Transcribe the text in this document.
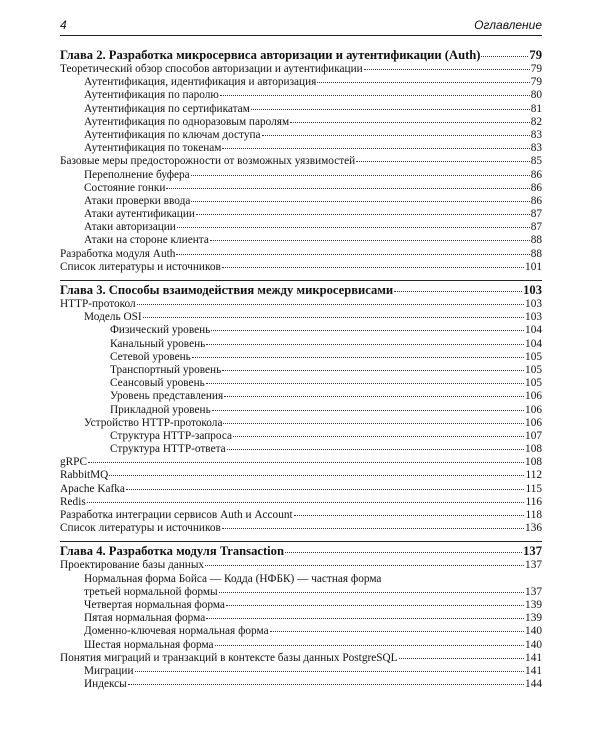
4	Оглавление
Глава 2. Разработка микросервиса авторизации и аутентификации (Auth)	79
Теоретический обзор способов авторизации и аутентификации	79
Аутентификация, идентификация и авторизация	79
Аутентификация по паролю	80
Аутентификация по сертификатам	81
Аутентификация по одноразовым паролям	82
Аутентификация по ключам доступа	83
Аутентификация по токенам	83
Базовые меры предосторожности от возможных уязвимостей	85
Переполнение буфера	86
Состояние гонки	86
Атаки проверки ввода	86
Атаки аутентификации	87
Атаки авторизации	87
Атаки на стороне клиента	88
Разработка модуля Auth	88
Список литературы и источников	101
Глава 3. Способы взаимодействия между микросервисами	103
HTTP-протокол	103
Модель OSI	103
Физический уровень	104
Канальный уровень	104
Сетевой уровень	105
Транспортный уровень	105
Сеансовый уровень	105
Уровень представления	106
Прикладной уровень	106
Устройство HTTP-протокола	106
Структура HTTP-запроса	107
Структура HTTP-ответа	108
gRPC	108
RabbitMQ	112
Apache Kafka	115
Redis	116
Разработка интеграции сервисов Auth и Account	118
Список литературы и источников	136
Глава 4. Разработка модуля Transaction	137
Проектирование базы данных	137
Нормальная форма Бойса — Кодда (НФБК) — частная форма
третьей нормальной формы	137
Четвертая нормальная форма	139
Пятая нормальная форма	139
Доменно-ключевая нормальная форма	140
Шестая нормальная форма	140
Понятия миграций и транзакций в контексте базы данных PostgreSQL	141
Миграции	141
Индексы	144
